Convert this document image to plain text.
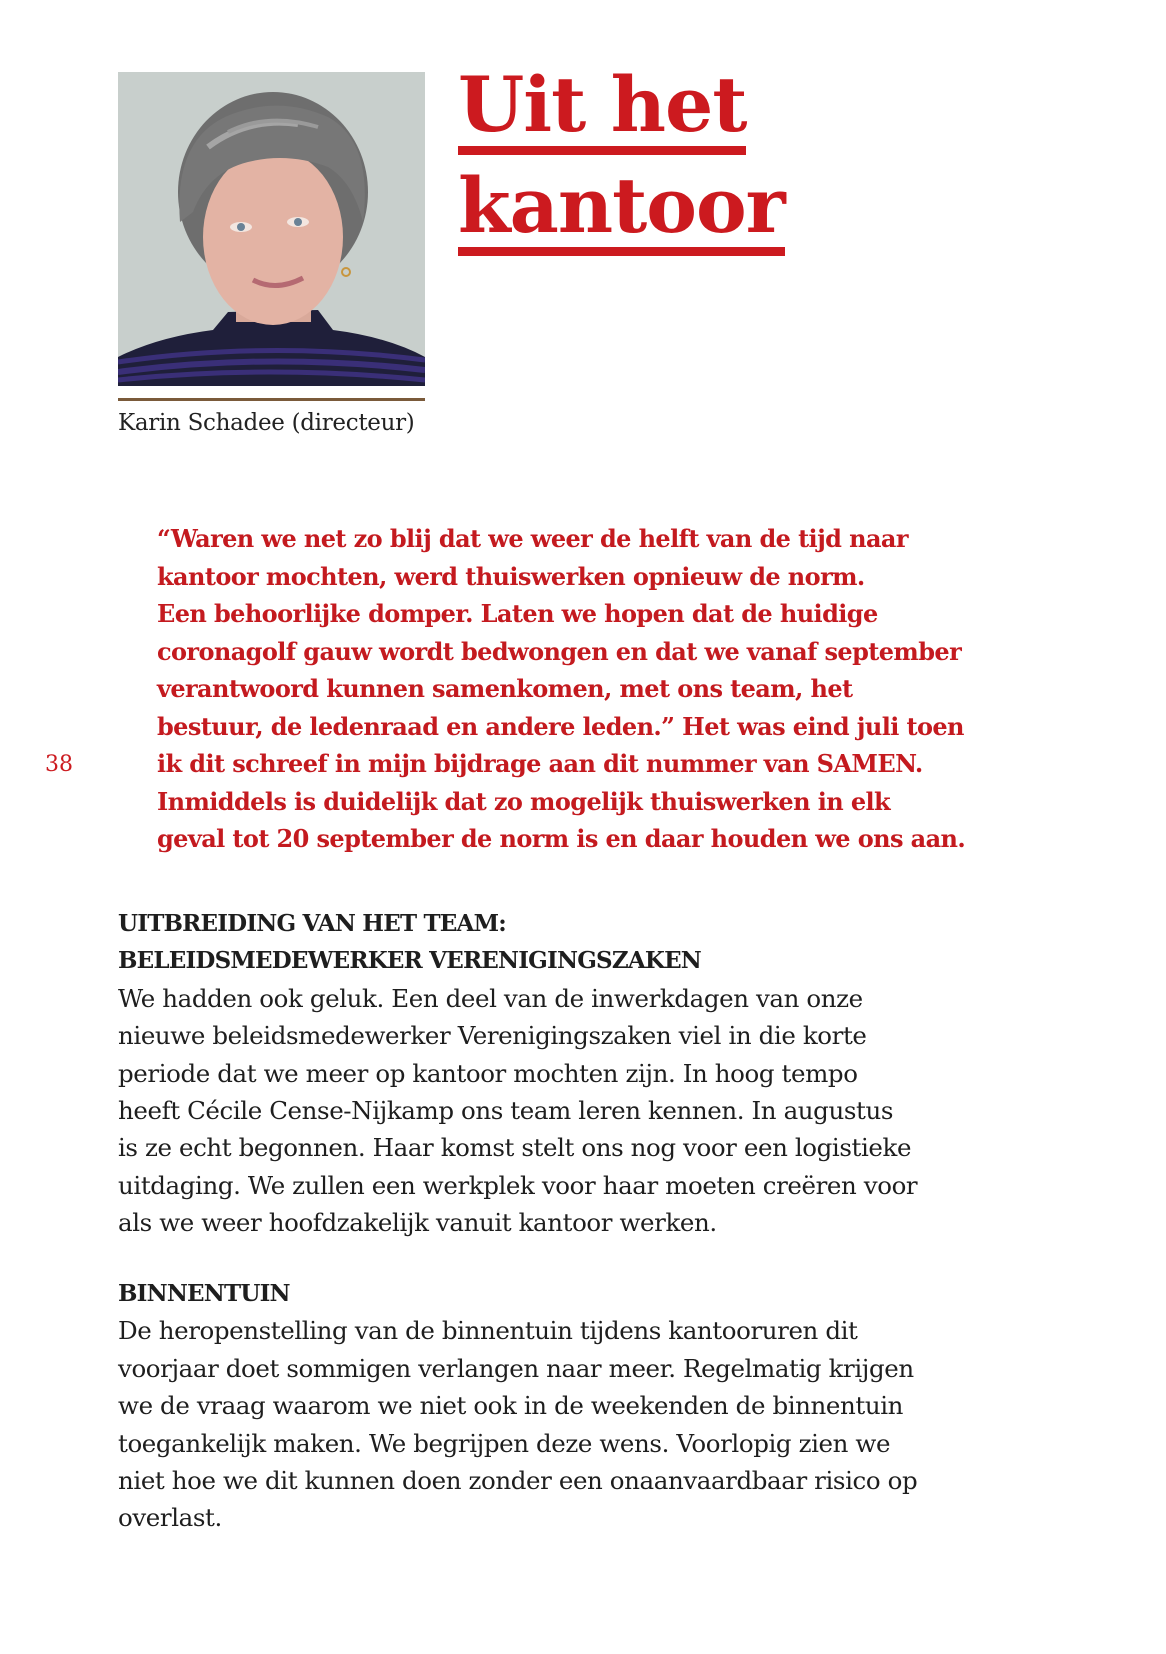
Karin Schadee (directeur)
Uit het
kantoor
38
“Waren we net zo blij dat we weer de helft van de tijd naar
kantoor mochten, werd thuiswerken opnieuw de norm.
Een behoorlijke domper. Laten we hopen dat de huidige
coronagolf gauw wordt bedwongen en dat we vanaf september
verantwoord kunnen samenkomen, met ons team, het
bestuur, de ledenraad en andere leden.” Het was eind juli toen
ik dit schreef in mijn bijdrage aan dit nummer van SAMEN.
Inmiddels is duidelijk dat zo mogelijk thuiswerken in elk
geval tot 20 september de norm is en daar houden we ons aan.
UITBREIDING VAN HET TEAM:
BELEIDSMEDEWERKER VERENIGINGSZAKEN
We hadden ook geluk. Een deel van de inwerkdagen van onze
nieuwe beleidsmedewerker Verenigingszaken viel in die korte
periode dat we meer op kantoor mochten zijn. In hoog tempo
heeft Cécile Cense-Nijkamp ons team leren kennen. In augustus
is ze echt begonnen. Haar komst stelt ons nog voor een logistieke
uitdaging. We zullen een werkplek voor haar moeten creëren voor
als we weer hoofdzakelijk vanuit kantoor werken.
BINNENTUIN
De heropenstelling van de binnentuin tijdens kantooruren dit
voorjaar doet sommigen verlangen naar meer. Regelmatig krijgen
we de vraag waarom we niet ook in de weekenden de binnentuin
toegankelijk maken. We begrijpen deze wens. Voorlopig zien we
niet hoe we dit kunnen doen zonder een onaanvaardbaar risico op
overlast.
